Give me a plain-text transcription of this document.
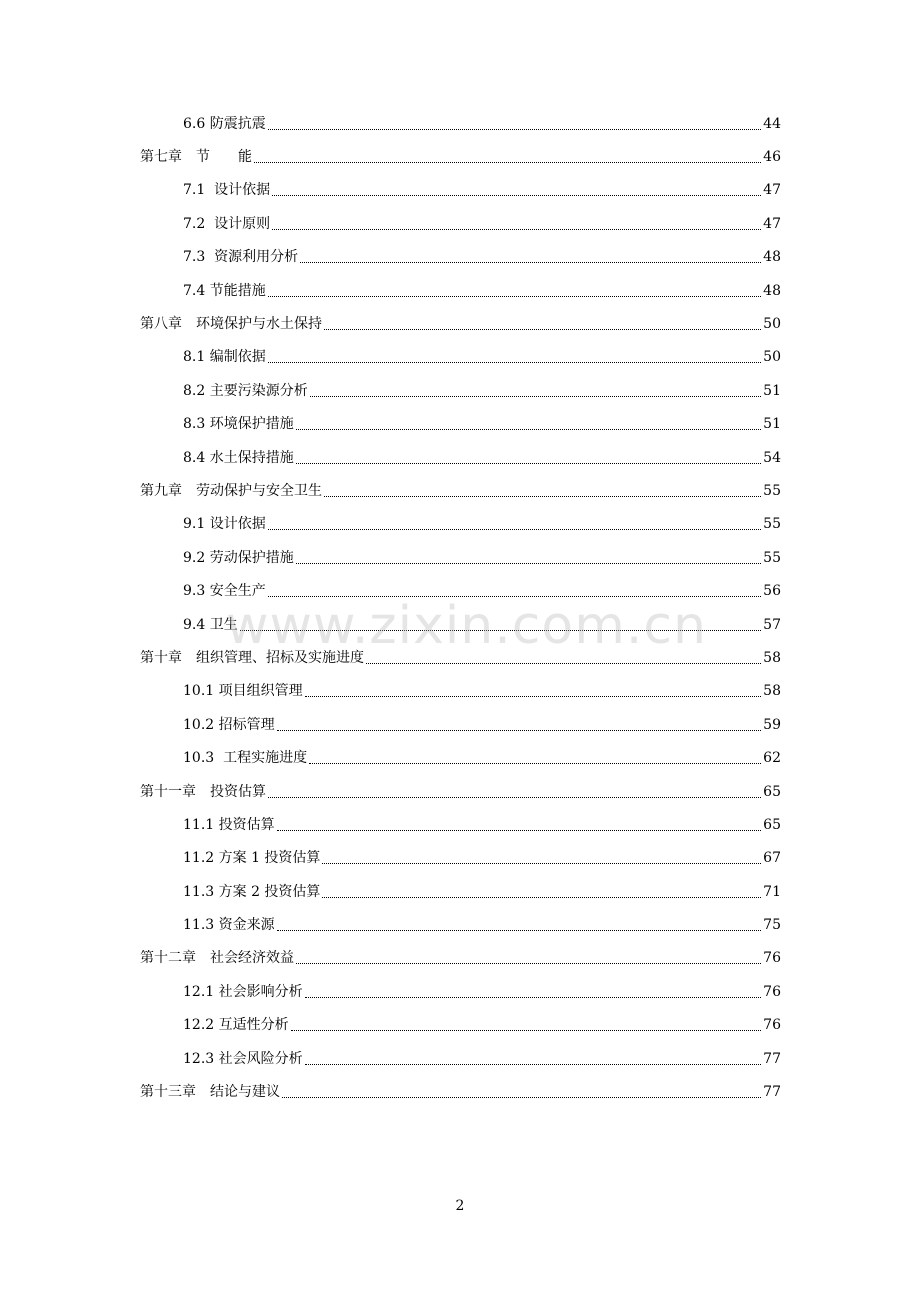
6.6 防震抗震	44
第七章　节　　能	46
7.1  设计依据	47
7.2  设计原则	47
7.3  资源利用分析	48
7.4 节能措施	48
第八章　环境保护与水土保持	50
8.1 编制依据	50
8.2 主要污染源分析	51
8.3 环境保护措施	51
8.4 水土保持措施	54
第九章　劳动保护与安全卫生	55
9.1 设计依据	55
9.2 劳动保护措施	55
9.3 安全生产	56
9.4 卫生	57
第十章　组织管理、招标及实施进度	58
10.1 项目组织管理	58
10.2 招标管理	59
10.3  工程实施进度	62
第十一章　投资估算	65
11.1 投资估算	65
11.2 方案 1 投资估算	67
11.3 方案 2 投资估算	71
11.3 资金来源	75
第十二章　社会经济效益	76
12.1 社会影响分析	76
12.2 互适性分析	76
12.3 社会风险分析	77
第十三章　结论与建议	77
www.zixin.com.cn
2
